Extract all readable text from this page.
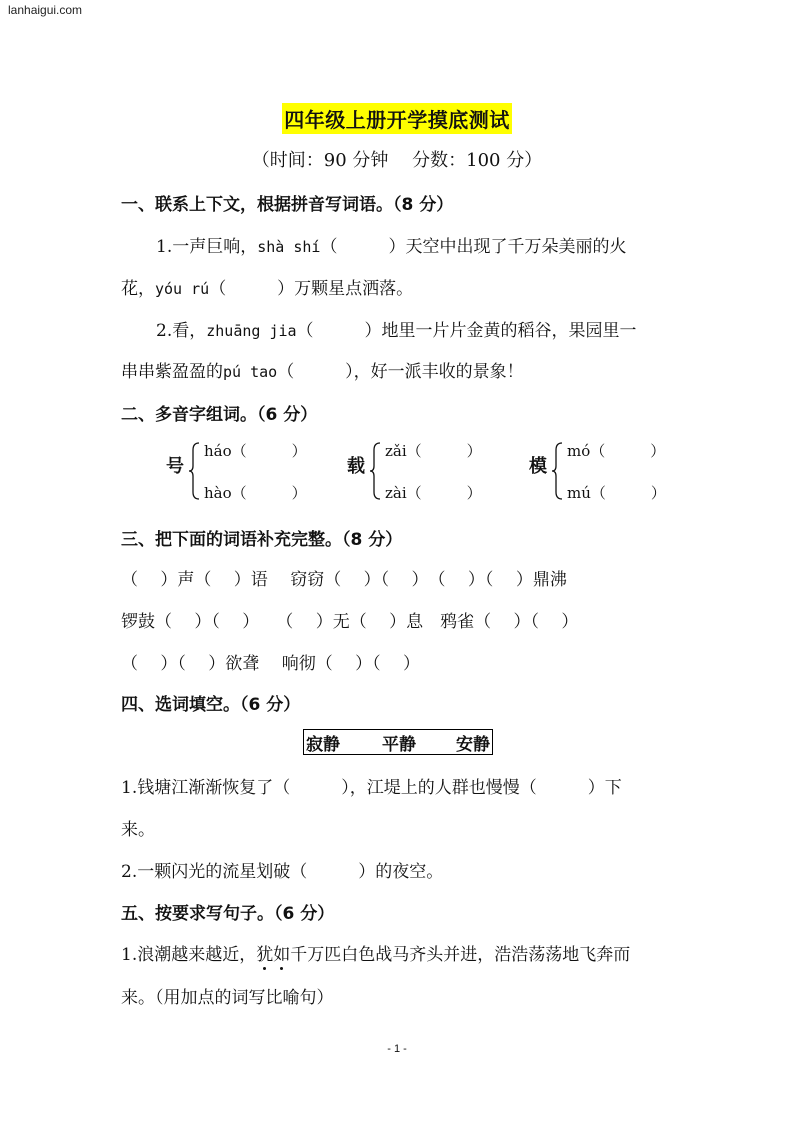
lanhaigui.com
四年级上册开学摸底测试
（时间：90 分钟　 分数：100 分）
一、联系上下文，根据拼音写词语。（8 分）
1.一声巨响，shà shí（　　　）天空中出现了千万朵美丽的火
花，yóu rú（　　　）万颗星点洒落。
2.看，zhuāng jia（　　　）地里一片片金黄的稻谷，果园里一
串串紫盈盈的pú tao（　　　），好一派丰收的景象！
二、多音字组词。（6 分）
号
háo（　　　）
hào（　　　）
载
zǎi（　　　）
zài（　　　）
模
mó（　　　）
mú（　　　）
三、把下面的词语补充完整。（8 分）
（　 ）声（　 ）语　 窃窃（　 ）（　 ）　（　 ）（　 ）鼎沸
锣鼓（　 ）（　 ）　　（　 ）无（　 ）息　鸦雀（　 ）（　 ）
（　 ）（　 ）欲聋　 响彻（　 ）（　 ）
四、选词填空。（6 分）
寂静	平静	安静
1.钱塘江渐渐恢复了（　　　），江堤上的人群也慢慢（　　　）下
来。
2.一颗闪光的流星划破（　　　）的夜空。
五、按要求写句子。（6 分）
1.浪潮越来越近，犹如千万匹白色战马齐头并进，浩浩荡荡地飞奔而
来。（用加点的词写比喻句）
- 1 -
